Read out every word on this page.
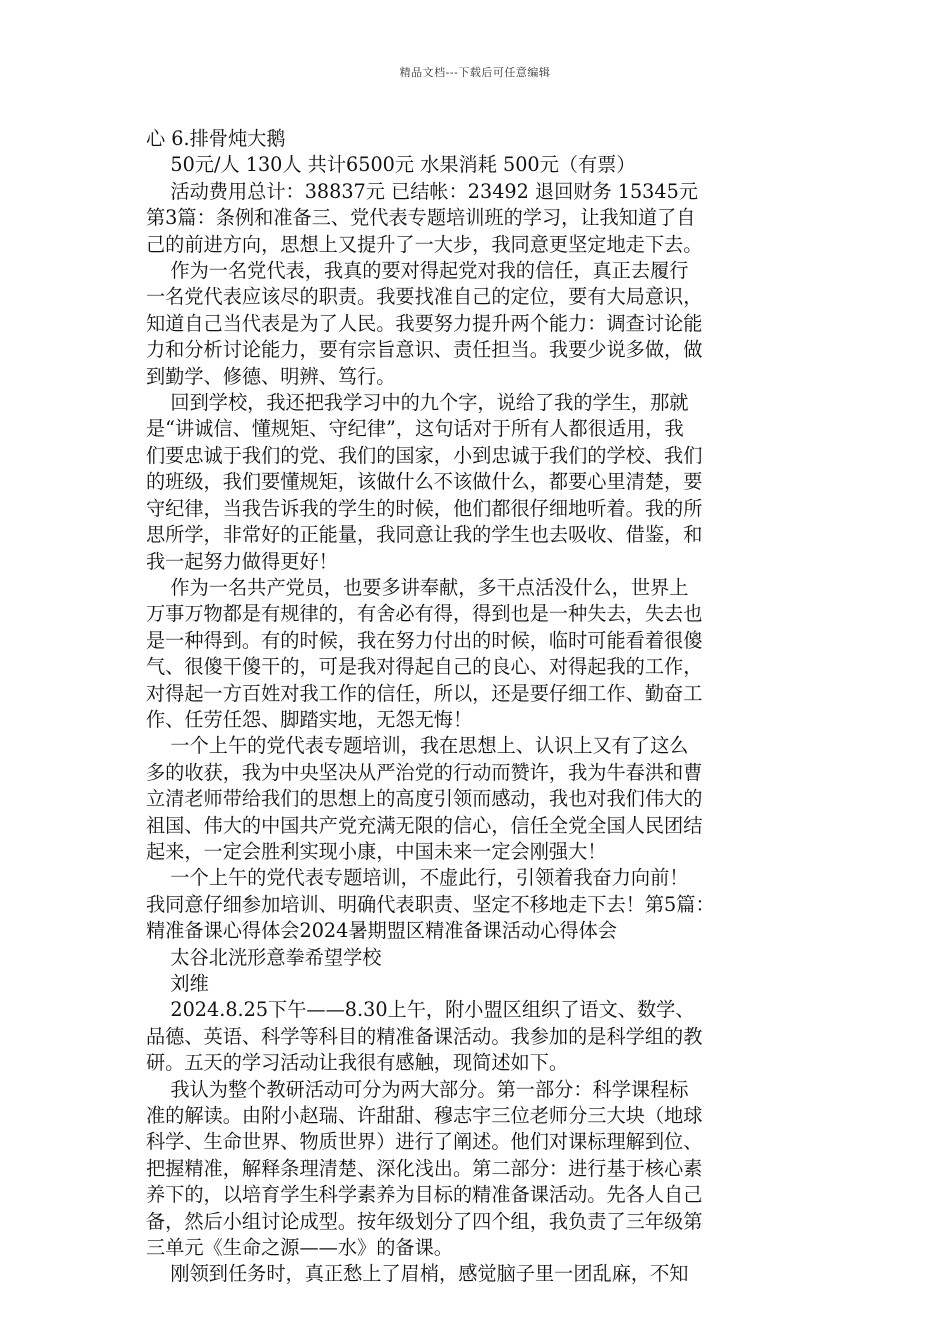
精品文档---下载后可任意编辑

心 6.排骨炖大鹅

50元/人 130人 共计6500元 水果消耗 500元（有票）

活动费用总计：38837元 已结帐：23492 退回财务 15345元

第3篇：条例和准备三、党代表专题培训班的学习，让我知道了自

己的前进方向，思想上又提升了一大步，我同意更坚定地走下去。

作为一名党代表，我真的要对得起党对我的信任，真正去履行

一名党代表应该尽的职责。我要找准自己的定位，要有大局意识，

知道自己当代表是为了人民。我要努力提升两个能力：调查讨论能

力和分析讨论能力，要有宗旨意识、责任担当。我要少说多做，做

到勤学、修德、明辨、笃行。

回到学校，我还把我学习中的九个字，说给了我的学生，那就

是“讲诚信、懂规矩、守纪律”，这句话对于所有人都很适用，我

们要忠诚于我们的党、我们的国家，小到忠诚于我们的学校、我们

的班级，我们要懂规矩，该做什么不该做什么，都要心里清楚，要

守纪律，当我告诉我的学生的时候，他们都很仔细地听着。我的所

思所学，非常好的正能量，我同意让我的学生也去吸收、借鉴，和

我一起努力做得更好！

作为一名共产党员，也要多讲奉献，多干点活没什么，世界上

万事万物都是有规律的，有舍必有得，得到也是一种失去，失去也

是一种得到。有的时候，我在努力付出的时候，临时可能看着很傻

气、很傻干傻干的，可是我对得起自己的良心、对得起我的工作，

对得起一方百姓对我工作的信任，所以，还是要仔细工作、勤奋工

作、任劳任怨、脚踏实地，无怨无悔！

一个上午的党代表专题培训，我在思想上、认识上又有了这么

多的收获，我为中央坚决从严治党的行动而赞许，我为牛春洪和曹

立清老师带给我们的思想上的高度引领而感动，我也对我们伟大的

祖国、伟大的中国共产党充满无限的信心，信任全党全国人民团结

起来，一定会胜利实现小康，中国未来一定会刚强大！

一个上午的党代表专题培训，不虚此行，引领着我奋力向前！

我同意仔细参加培训、明确代表职责、坚定不移地走下去！第5篇：

精准备课心得体会2024暑期盟区精准备课活动心得体会

太谷北洸形意拳希望学校

刘维

2024.8.25下午——8.30上午，附小盟区组织了语文、数学、

品德、英语、科学等科目的精准备课活动。我参加的是科学组的教

研。五天的学习活动让我很有感触，现简述如下。

我认为整个教研活动可分为两大部分。第一部分：科学课程标

准的解读。由附小赵瑞、许甜甜、穆志宇三位老师分三大块（地球

科学、生命世界、物质世界）进行了阐述。他们对课标理解到位、

把握精准，解释条理清楚、深化浅出。第二部分：进行基于核心素

养下的，以培育学生科学素养为目标的精准备课活动。先各人自己

备，然后小组讨论成型。按年级划分了四个组，我负责了三年级第

三单元《生命之源——水》的备课。

刚领到任务时，真正愁上了眉梢，感觉脑子里一团乱麻，不知
